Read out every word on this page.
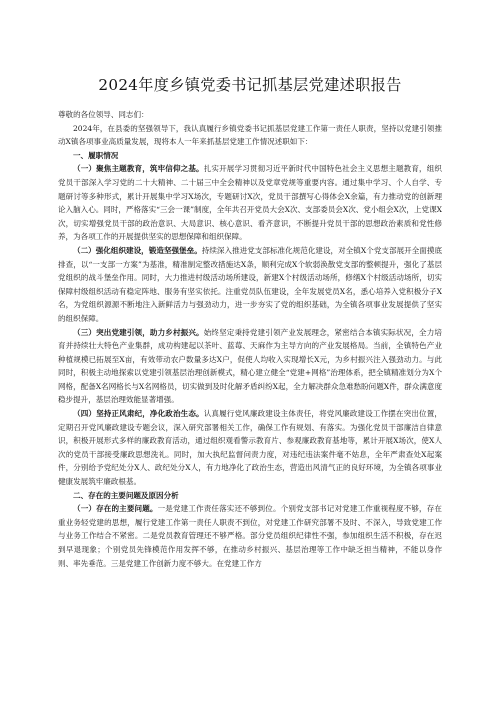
2024年度乡镇党委书记抓基层党建述职报告

尊敬的各位领导、同志们：

2024年，在县委的坚强领导下，我认真履行乡镇党委书记抓基层党建工作第一责任人职责，坚持以党建引领推动X镇各项事业高质量发展，现将本人一年来抓基层党建工作情况述职如下：

一、履职情况

（一）聚焦主题教育，筑牢信仰之基。扎实开展学习贯彻习近平新时代中国特色社会主义思想主题教育，组织党员干部深入学习党的二十大精神、二十届三中全会精神以及党章党规等重要内容。通过集中学习、个人自学、专题研讨等多种形式，累计开展集中学习X场次，专题研讨X次，党员干部撰写心得体会X余篇，有力推动党的创新理论入脑入心。同时，严格落实“三会一课”制度，全年共召开党员大会X次、支部委员会X次、党小组会X次，上党课X次，切实增强党员干部的政治意识、大局意识、核心意识、看齐意识，不断提升党员干部的思想政治素质和党性修养，为各项工作的开展提供坚实的思想保障和组织保障。

（二）强化组织建设，锻造坚强堡垒。持续深入推进党支部标准化规范化建设，对全镇X个党支部展开全面摸底排查，以“一支部一方案”为基准，精准制定整改措施达X条，顺利完成X个软弱涣散党支部的整顿提升，强化了基层党组织的战斗堡垒作用。同时，大力推进村级活动场所建设，新建X个村级活动场所，修缮X个村级活动场所，切实保障村级组织活动有稳定阵地、服务有坚实依托。注重党员队伍建设，全年发展党员X名，悉心培养入党积极分子X名，为党组织源源不断地注入新鲜活力与强劲动力，进一步夯实了党的组织基础，为全镇各项事业发展提供了坚实的组织保障。

（三）突出党建引领，助力乡村振兴。始终坚定秉持党建引领产业发展理念，紧密结合本镇实际状况，全力培育并持续壮大特色产业集群，成功构建起以茶叶、蓝莓、天麻作为主导方向的产业发展格局。当前，全镇特色产业种植规模已拓展至X亩，有效带动农户数量多达X户，促使人均收入实现增长X元，为乡村振兴注入强劲动力。与此同时，积极主动地探索以党建引领基层治理创新模式，精心建立健全“党建+网格”治理体系，把全镇精准划分为X个网格，配备X名网格长与X名网格员，切实做到及时化解矛盾纠纷X起，全力解决群众急难愁盼问题X件，群众满意度稳步提升，基层治理效能显著增强。

（四）坚持正风肃纪，净化政治生态。认真履行党风廉政建设主体责任，将党风廉政建设工作摆在突出位置，定期召开党风廉政建设专题会议，深入研究部署相关工作，确保工作有规划、有落实。为强化党员干部廉洁自律意识，积极开展形式多样的廉政教育活动，通过组织观看警示教育片、参观廉政教育基地等，累计开展X场次，使X人次的党员干部接受廉政思想洗礼。同时，加大执纪监督问责力度，对违纪违法案件毫不姑息，全年严肃查处X起案件，分别给予党纪处分X人、政纪处分X人，有力地净化了政治生态，营造出风清气正的良好环境，为全镇各项事业健康发展筑牢廉政根基。

二、存在的主要问题及原因分析

（一）存在的主要问题。一是党建工作责任落实还不够到位。个别党支部书记对党建工作重视程度不够，存在重业务轻党建的思想，履行党建工作第一责任人职责不到位，对党建工作研究部署不及时、不深入，导致党建工作与业务工作结合不紧密。二是党员教育管理还不够严格。部分党员组织纪律性不强，参加组织生活不积极，存在迟到早退现象；个别党员先锋模范作用发挥不够，在推动乡村振兴、基层治理等工作中缺乏担当精神，不能以身作则、率先垂范。三是党建工作创新力度不够大。在党建工作方
